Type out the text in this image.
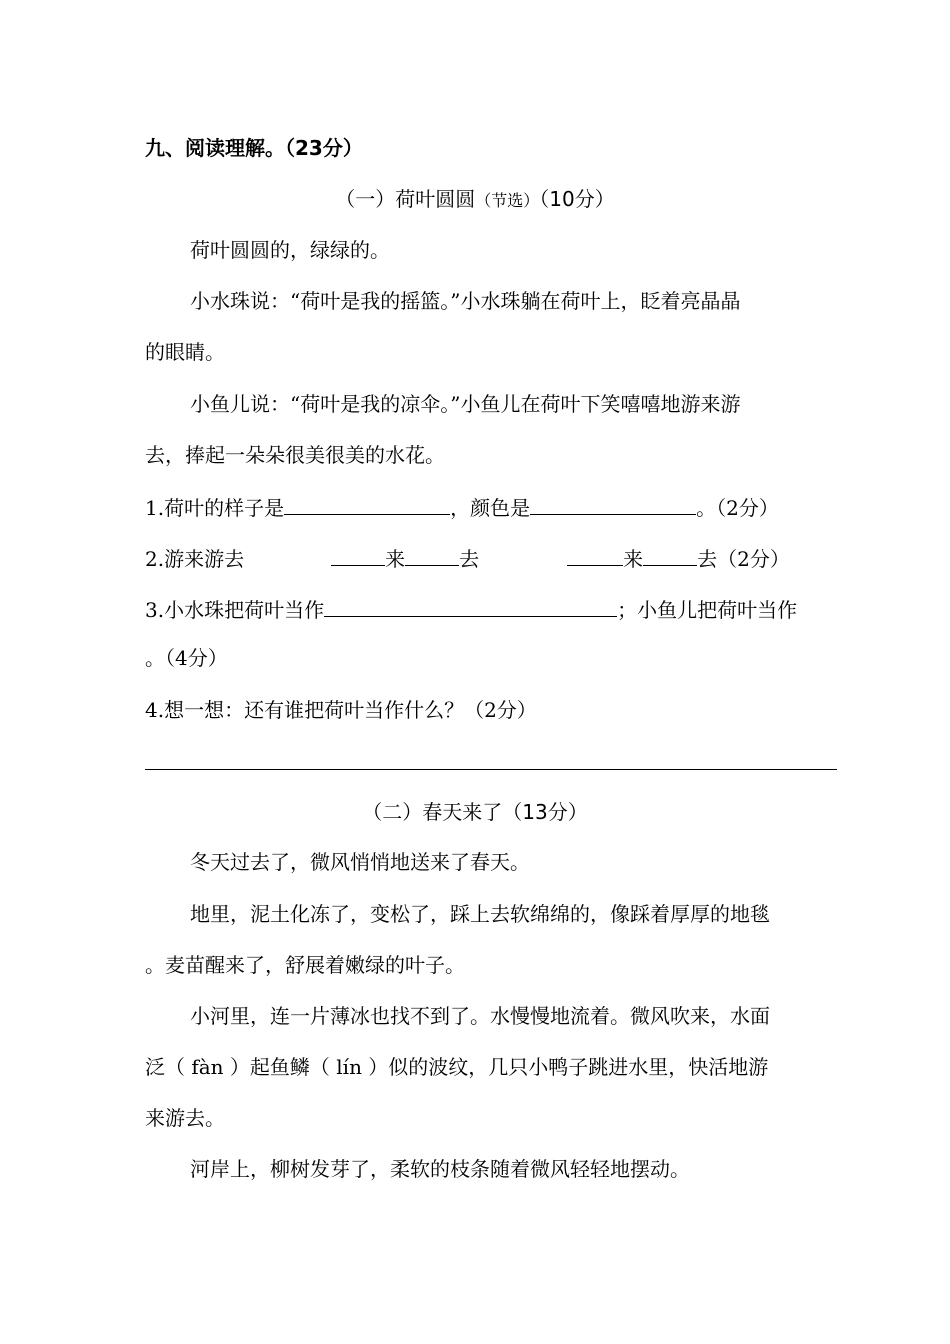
九、阅读理解。（23分）
（一）荷叶圆圆（节选）（10分）
荷叶圆圆的，绿绿的。
小水珠说：“荷叶是我的摇篮。”小水珠躺在荷叶上，眨着亮晶晶
的眼睛。
小鱼儿说：“荷叶是我的凉伞。”小鱼儿在荷叶下笑嘻嘻地游来游
去，捧起一朵朵很美很美的水花。
1.荷叶的样子是	，颜色是	。（2分）
2.游来游去	来	去	来	去（2分）
3.小水珠把荷叶当作	；小鱼儿把荷叶当作
。（4分）
4.想一想：还有谁把荷叶当作什么？（2分）
（二）春天来了（13分）
冬天过去了，微风悄悄地送来了春天。
地里，泥土化冻了，变松了，踩上去软绵绵的，像踩着厚厚的地毯
。麦苗醒来了，舒展着嫩绿的叶子。
小河里，连一片薄冰也找不到了。水慢慢地流着。微风吹来，水面
泛（ fàn ）起鱼鳞（ lín ）似的波纹，几只小鸭子跳进水里，快活地游
来游去。
河岸上，柳树发芽了，柔软的枝条随着微风轻轻地摆动。
